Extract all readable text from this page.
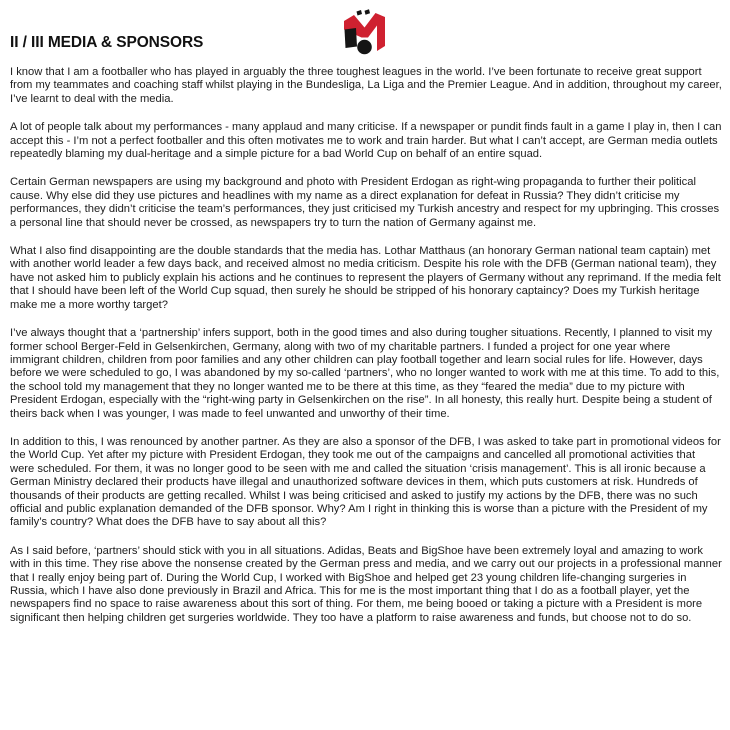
II / III MEDIA & SPONSORS

I know that I am a footballer who has played in arguably the three toughest leagues in the world. I’ve been fortunate to receive great support from my teammates and coaching staff whilst playing in the Bundesliga, La Liga and the Premier League. And in addition, throughout my career, I’ve learnt to deal with the media.

A lot of people talk about my performances - many applaud and many criticise. If a newspaper or pundit finds fault in a game I play in, then I can accept this - I’m not a perfect footballer and this often motivates me to work and train harder. But what I can’t accept, are German media outlets repeatedly blaming my dual-heritage and a simple picture for a bad World Cup on behalf of an entire squad.

Certain German newspapers are using my background and photo with President Erdogan as right-wing propaganda to further their political cause. Why else did they use pictures and headlines with my name as a direct explanation for defeat in Russia? They didn’t criticise my performances, they didn’t criticise the team’s performances, they just criticised my Turkish ancestry and respect for my upbringing. This crosses a personal line that should never be crossed, as newspapers try to turn the nation of Germany against me.

What I also find disappointing are the double standards that the media has. Lothar Matthaus (an honorary German national team captain) met with another world leader a few days back, and received almost no media criticism. Despite his role with the DFB (German national team), they have not asked him to publicly explain his actions and he continues to represent the players of Germany without any reprimand. If the media felt that I should have been left of the World Cup squad, then surely he should be stripped of his honorary captaincy? Does my Turkish heritage make me a more worthy target?

I’ve always thought that a ‘partnership’ infers support, both in the good times and also during tougher situations. Recently, I planned to visit my former school Berger-Feld in Gelsenkirchen, Germany, along with two of my charitable partners. I funded a project for one year where immigrant children, children from poor families and any other children can play football together and learn social rules for life. However, days before we were scheduled to go, I was abandoned by my so-called ‘partners’, who no longer wanted to work with me at this time. To add to this, the school told my management that they no longer wanted me to be there at this time, as they “feared the media” due to my picture with President Erdogan, especially with the “right-wing party in Gelsenkirchen on the rise”. In all honesty, this really hurt. Despite being a student of theirs back when I was younger, I was made to feel unwanted and unworthy of their time.

In addition to this, I was renounced by another partner. As they are also a sponsor of the DFB, I was asked to take part in promotional videos for the World Cup. Yet after my picture with President Erdogan, they took me out of the campaigns and cancelled all promotional activities that were scheduled. For them, it was no longer good to be seen with me and called the situation ‘crisis management’. This is all ironic because a German Ministry declared their products have illegal and unauthorized software devices in them, which puts customers at risk. Hundreds of thousands of their products are getting recalled. Whilst I was being criticised and asked to justify my actions by the DFB, there was no such official and public explanation demanded of the DFB sponsor. Why? Am I right in thinking this is worse than a picture with the President of my family’s country? What does the DFB have to say about all this?

As I said before, ‘partners’ should stick with you in all situations. Adidas, Beats and BigShoe have been extremely loyal and amazing to work with in this time. They rise above the nonsense created by the German press and media, and we carry out our projects in a professional manner that I really enjoy being part of. During the World Cup, I worked with BigShoe and helped get 23 young children life-changing surgeries in Russia, which I have also done previously in Brazil and Africa. This for me is the most important thing that I do as a football player, yet the newspapers find no space to raise awareness about this sort of thing. For them, me being booed or taking a picture with a President is more significant then helping children get surgeries worldwide. They too have a platform to raise awareness and funds, but choose not to do so.
